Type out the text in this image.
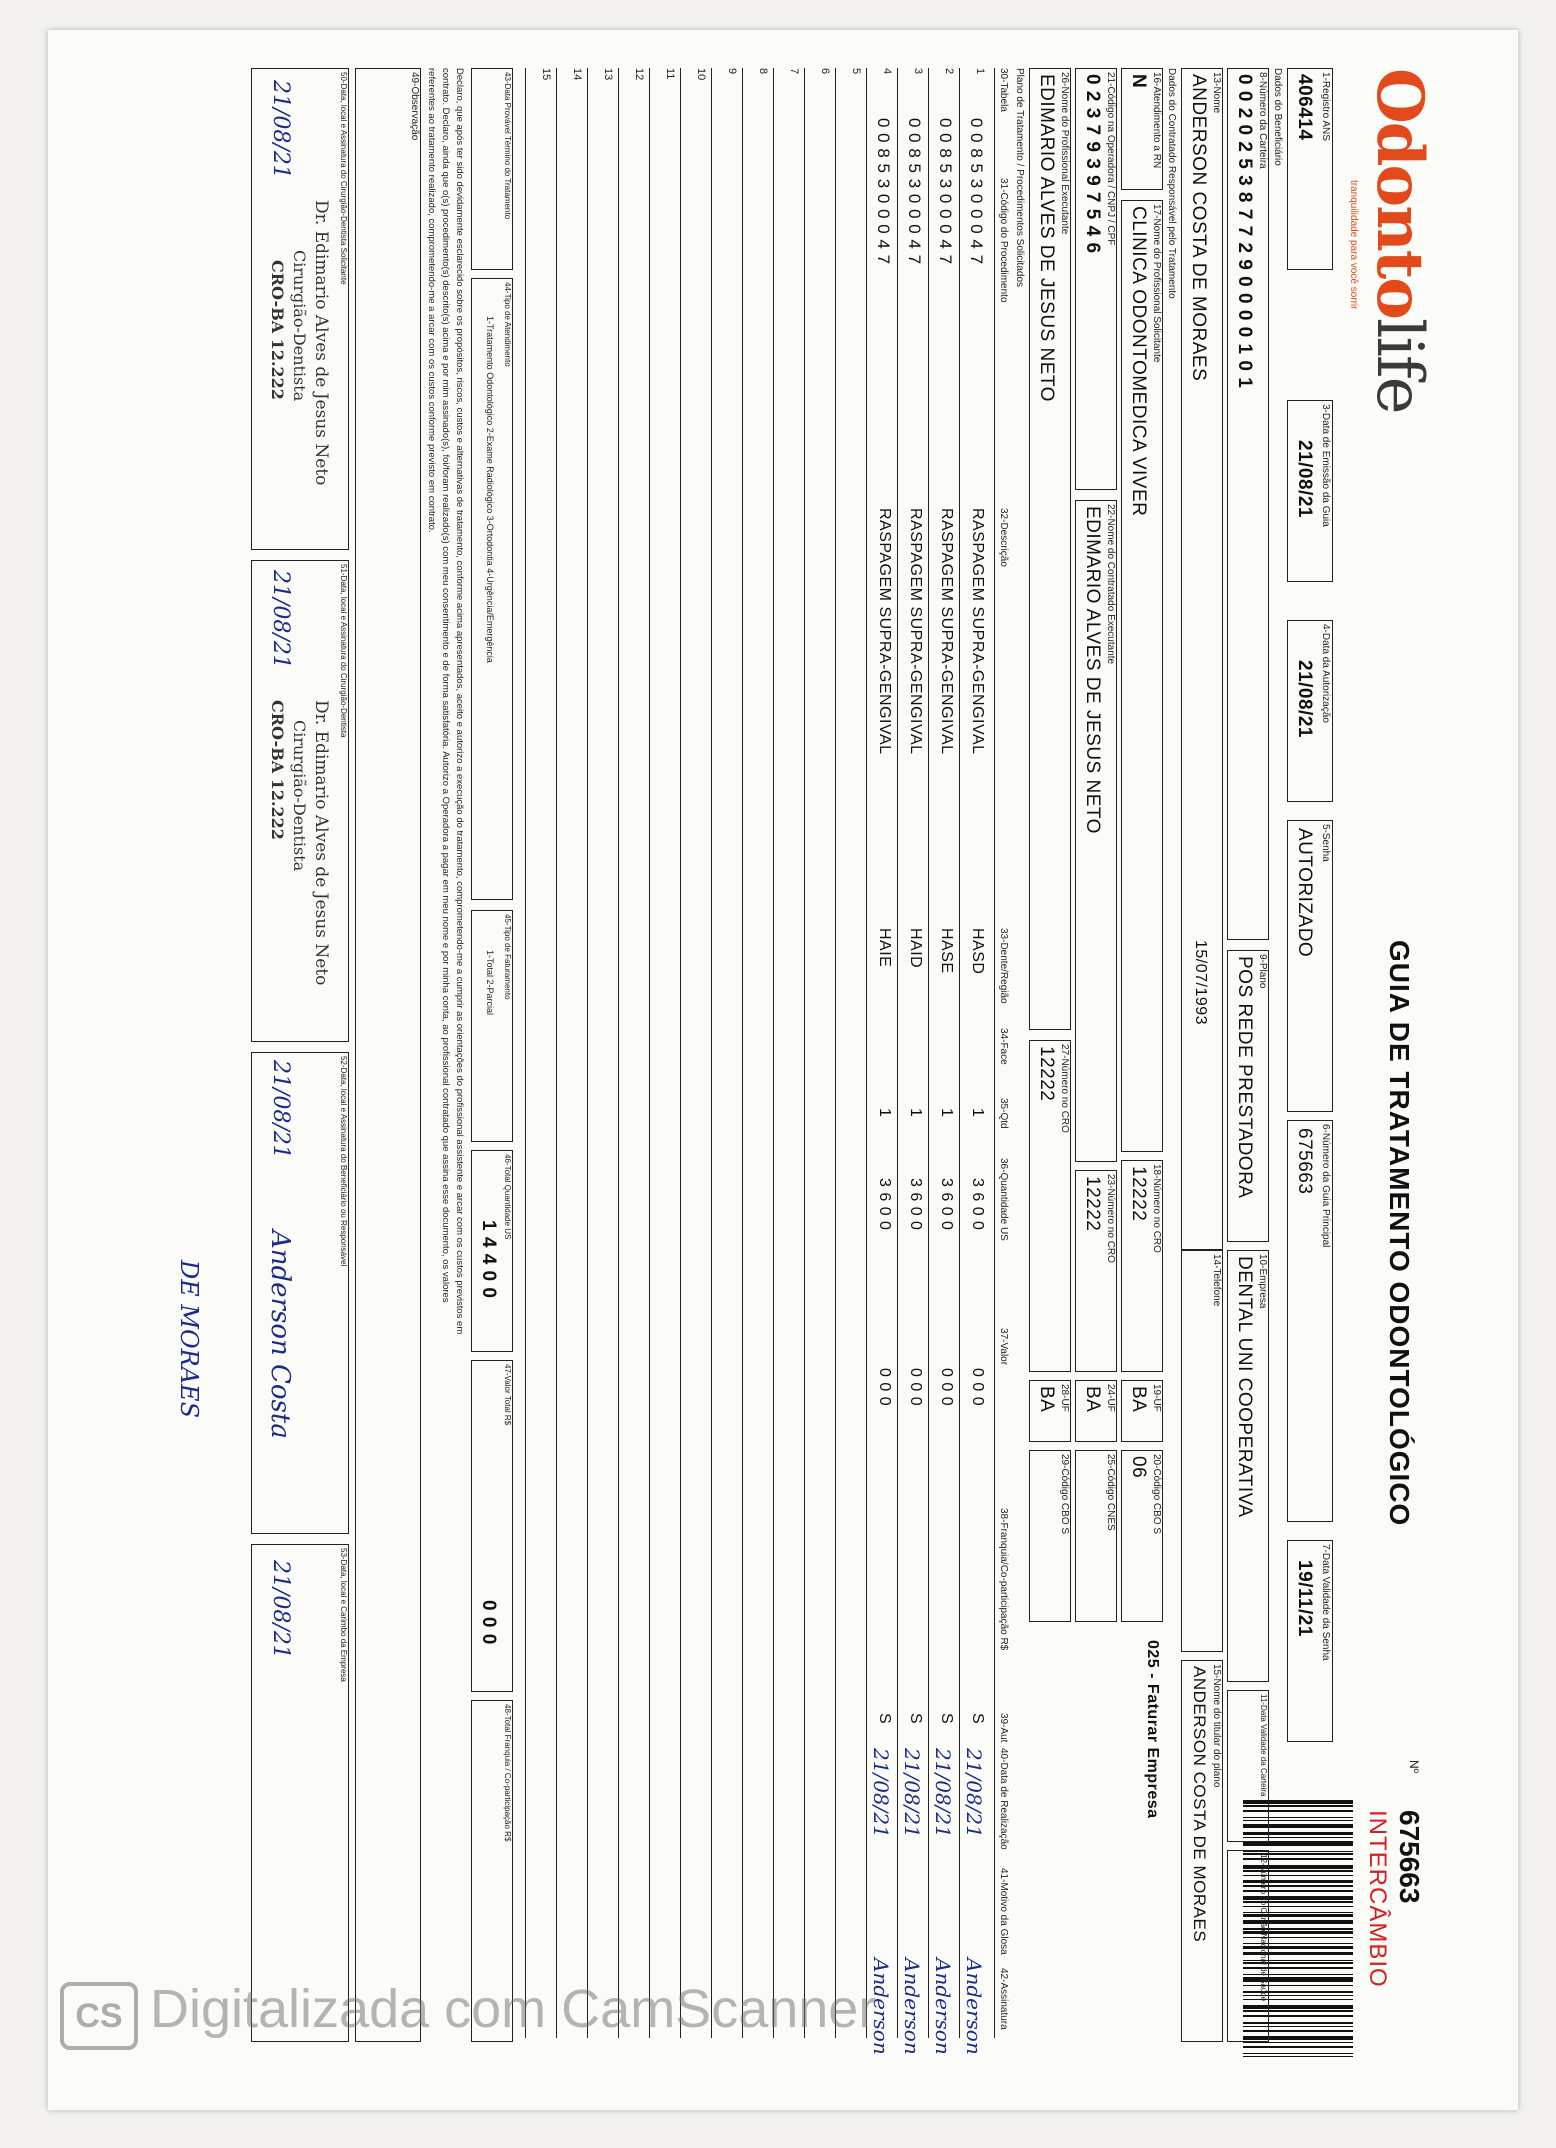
Odontolife
tranquilidade para você sorrir
GUIA DE TRATAMENTO ODONTOLÓGICO
Nº
675663
INTERCÂMBIO
1-Registro ANS
406414
3-Data de Emissão da Guia
21/08/21
4-Data da Autorização
21/08/21
5-Senha
AUTORIZADO
6-Número da Guia Principal
675663
7-Data Validade da Senha
19/11/21
Dados do Beneficiário
8-Número da Carteira
0 0 2 0 2 5 3 8 7 7 2 9 0 0 0 0 1 0 1
9-Plano
POS REDE PRESTADORA
10-Empresa
DENTAL UNI COOPERATIVA
11-Data Validade da Carteira
12-Número do Cartão Nacional de Saúde
13-Nome
ANDERSON COSTA DE MORAES
15/07/1993
14-Telefone
15-Nome do titular do plano
ANDERSON COSTA DE MORAES
Dados do Contratado Responsável pelo Tratamento
16-Atendimento a RN
N
17-Nome do Profissional Solicitante
CLINICA ODONTOMEDICA VIVER
18-Número no CRO
12222
19-UF
BA
20-Código CBO S
06
025 - Faturar Empresa
21-Código na Operadora / CNPJ / CPF
0 2 3 7 9 3 9 7 5 4 6
22-Nome do Contratado Executante
EDIMARIO ALVES DE JESUS NETO
23-Número no CRO
12222
24-UF
BA
25-Código CNES
26-Nome do Profissional Executante
EDIMARIO ALVES DE JESUS NETO
27-Número no CRO
12222
28-UF
BA
29-Código CBO S
Plano de Tratamento / Procedimentos Solicitados
30-Tabela
31-Código do Procedimento
32-Descrição
33-Dente/Região
34-Face
35-Qtd
36-Quantidade US
37-Valor
38-Franquia/Co-participação R$
39-Aut
40-Data de Realização
41-Motivo da Glosa
42-Assinatura
1
0 0 8 5 3 0 0 0 4 7
RASPAGEM SUPRA-GENGIVAL
HASD
1
3 6 0 0
0 0 0
S
21/08/21
Anderson
2
0 0 8 5 3 0 0 0 4 7
RASPAGEM SUPRA-GENGIVAL
HASE
1
3 6 0 0
0 0 0
S
21/08/21
Anderson
3
0 0 8 5 3 0 0 0 4 7
RASPAGEM SUPRA-GENGIVAL
HAID
1
3 6 0 0
0 0 0
S
21/08/21
Anderson
4
0 0 8 5 3 0 0 0 4 7
RASPAGEM SUPRA-GENGIVAL
HAIE
1
3 6 0 0
0 0 0
S
21/08/21
Anderson
5
6
7
8
9
10
11
12
13
14
15
43-Data Provável Término do Tratamento
44-Tipo de Atendimento
1-Tratamento Odontológico 2-Exame Radiológico 3-Ortodontia 4-Urgência/Emergência
45-Tipo de Faturamento
1-Total 2-Parcial
46-Total Quantidade US
1 4 4 0 0
47-Valor Total R$
0 0 0
48-Total Franquia / Co-participação R$
Declaro, que após ter sido devidamente esclarecido sobre os propósitos, riscos, custos e alternativas de tratamento, conforme acima apresentados, aceito e autorizo a execução do tratamento, comprometendo-me a cumprir as orientações do profissional assistente e arcar com os custos previstos em
contrato. Declaro, ainda que o(s) procedimento(s) descrito(s) acima e por mim assinado(s), foi/foram realizado(s) com meu consentimento e de forma satisfatória. Autorizo a Operadora a pagar em meu nome e por minha conta, ao profissional contratado que assina esse documento, os valores
referentes ao tratamento realizado, comprometendo-me a arcar com os custos conforme previsto em contrato.
49-Observação
50-Data, local e Assinatura do Cirurgião-Dentista Solicitante
21/08/21
Dr. Edimario Alves de Jesus Neto
Cirurgião-Dentista
CRO-BA 12.222
51-Data, local e Assinatura do Cirurgião-Dentista
21/08/21
Dr. Edimario Alves de Jesus Neto
Cirurgião-Dentista
CRO-BA 12.222
52-Data, local e Assinatura do Beneficiário ou Responsável
21/08/21
Anderson Costa
DE MORAES
53-Data, local e Carimbo da Empresa
21/08/21
CS Digitalizada com CamScanner
